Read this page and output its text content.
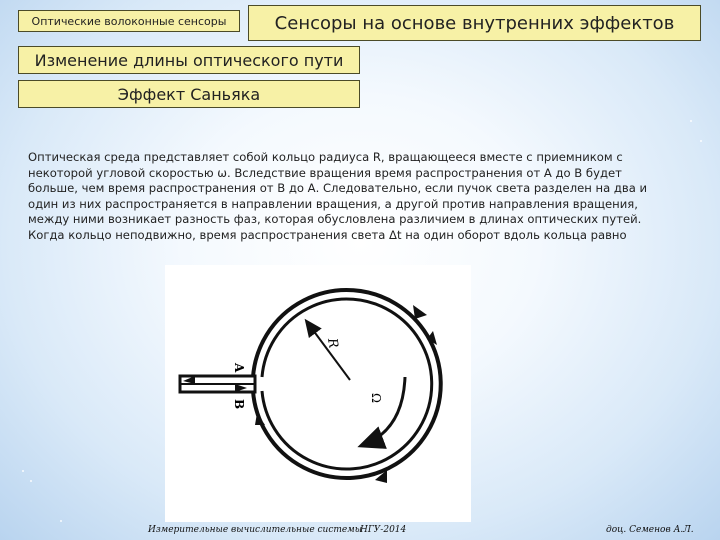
Оптические волоконные сенсоры	Сенсоры на основе внутренних эффектов
Изменение длины оптического пути
Эффект Саньяка
Оптическая среда представляет собой кольцо радиуса R, вращающееся вместе с приемником с
некоторой угловой скоростью ω. Вследствие вращения время распространения от А до В будет
больше, чем время распространения от В до А. Следовательно, если пучок света разделен на два и
один из них распространяется в направлении вращения, а другой против направления вращения,
между ними возникает разность фаз, которая обусловлена различием в длинах оптических путей.
Когда кольцо неподвижно, время распространения света Δt на один оборот вдоль кольца равно
R
Ω
A
B
Измерительные вычислительные системы
НГУ-2014	доц. Семенов А.Л.
